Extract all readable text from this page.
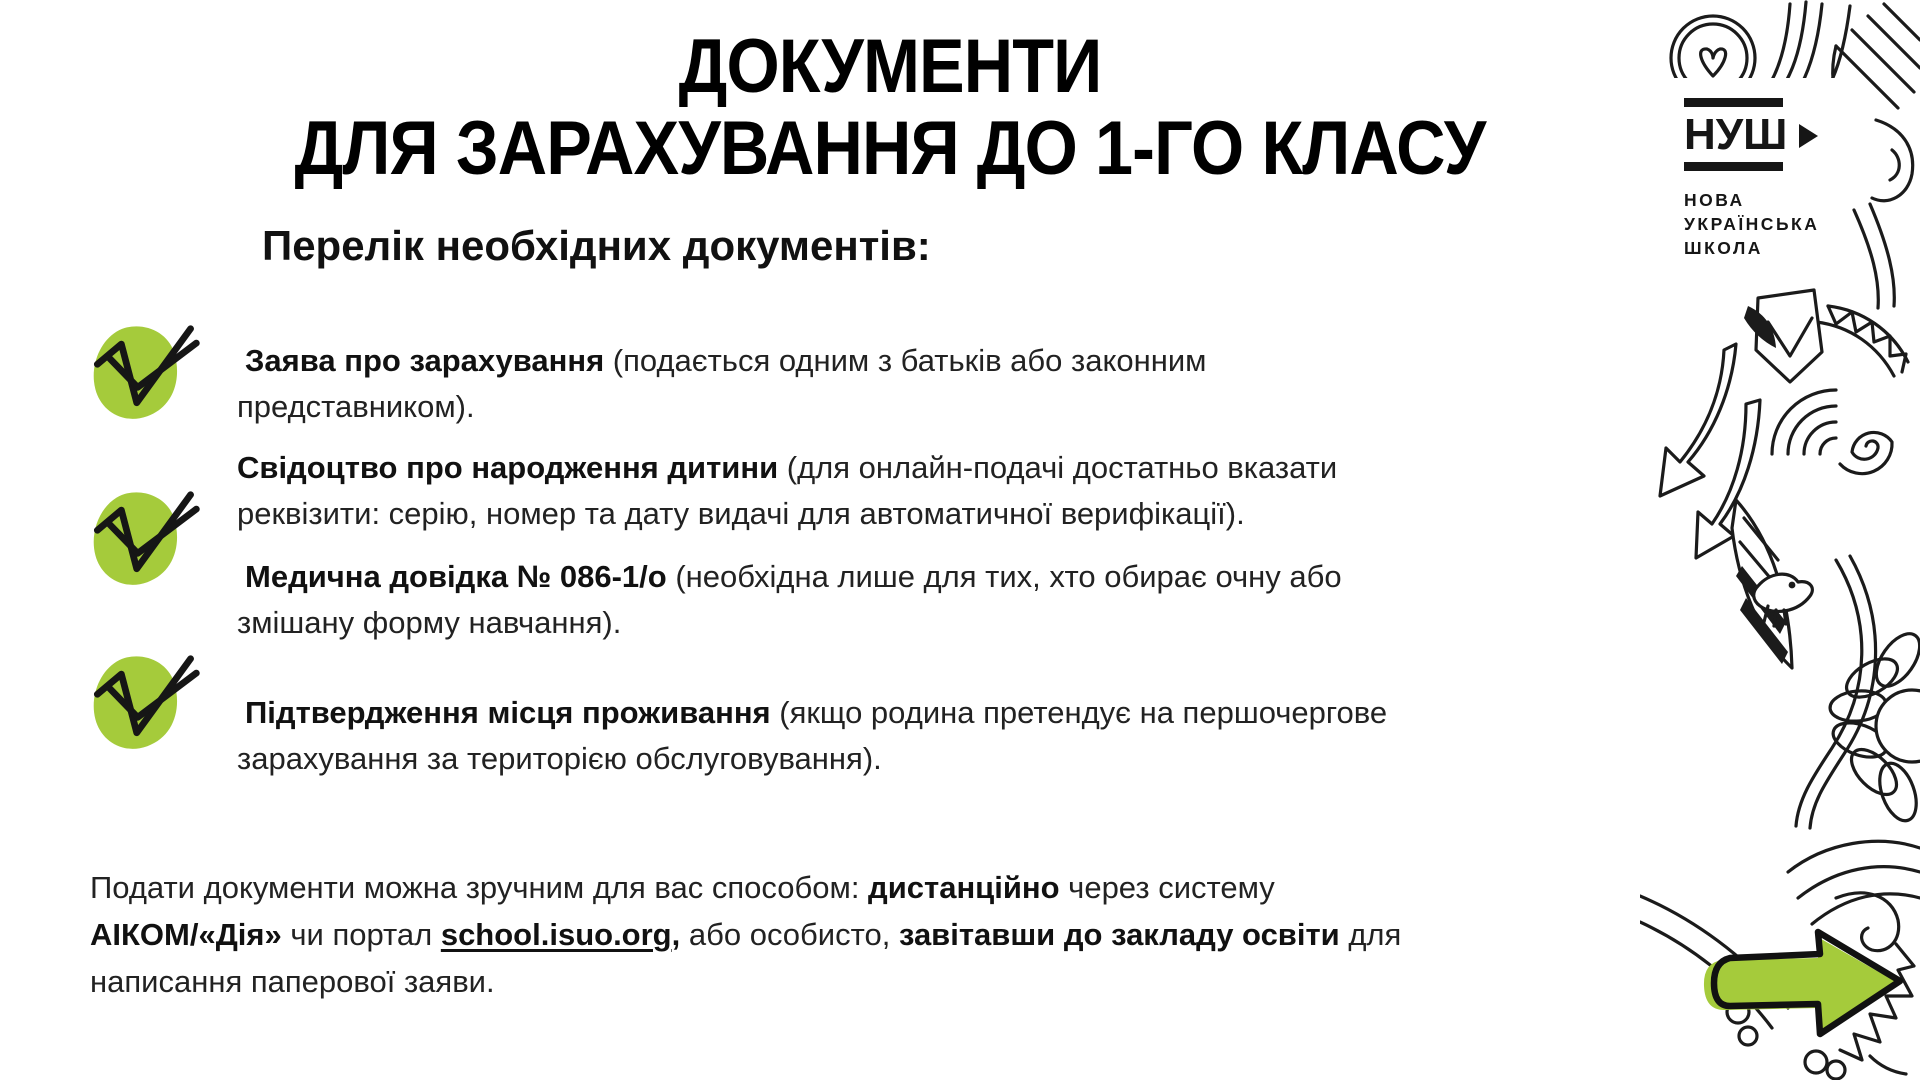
ДОКУМЕНТИ
ДЛЯ ЗАРАХУВАННЯ ДО 1-ГО КЛАСУ
Перелік необхідних документів:
Заява про зарахування (подається одним з батьків або законним представником).
Свідоцтво про народження дитини (для онлайн-подачі достатньо вказати реквізити: серію, номер та дату видачі для автоматичної верифікації).
Медична довідка № 086-1/о (необхідна лише для тих, хто обирає очну або змішану форму навчання).
Підтвердження місця проживання (якщо родина претендує на першочергове зарахування за територією обслуговування).
Подати документи можна зручним для вас способом: дистанційно через систему
АІКОМ/«Дія» чи портал school.isuo.org, або особисто, завітавши до закладу освіти для
написання паперової заяви.
НУШ
НОВА
УКРАЇНСЬКА
ШКОЛА
